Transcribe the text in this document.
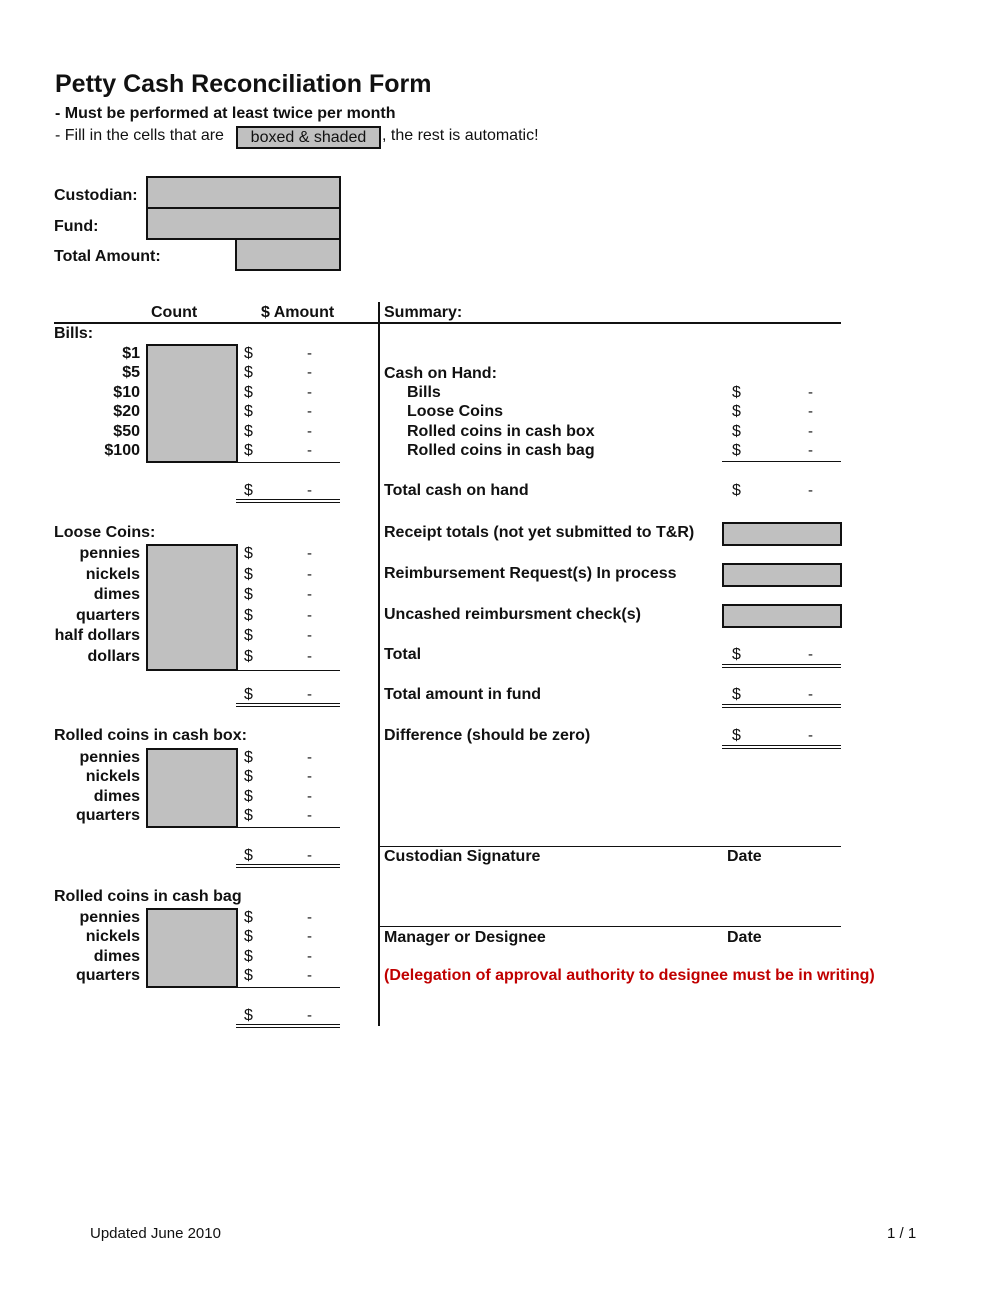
Petty Cash Reconciliation Form
- Must be performed at least twice per month
- Fill in the cells that are	boxed & shaded , the rest is automatic!
Custodian:
Fund:
Total Amount:
Count	$ Amount	Summary:
Bills:
$1	$	-
$5	$	-
$10	$	-
$20	$	-
$50	$	-
$100	$	-
$	-
Loose Coins:
pennies	$	-
nickels	$	-
dimes	$	-
quarters	$	-
half dollars	$	-
dollars	$	-
$	-
Rolled coins in cash box:
pennies	$	-
nickels	$	-
dimes	$	-
quarters	$	-
$	-
Rolled coins in cash bag
pennies	$	-
nickels	$	-
dimes	$	-
quarters	$	-
$	-
Cash on Hand:
Bills	$	-
Loose Coins	$	-
Rolled coins in cash box	$	-
Rolled coins in cash bag	$	-
Total cash on hand	$	-
Receipt totals (not yet submitted to T&R)
Reimbursement Request(s) In process
Uncashed reimbursment check(s)
Total	$	-
Total amount in fund	$	-
Difference (should be zero)	$	-
Custodian Signature	Date
Manager or Designee	Date
(Delegation of approval authority to designee must be in writing)
Updated June 2010	1 / 1
